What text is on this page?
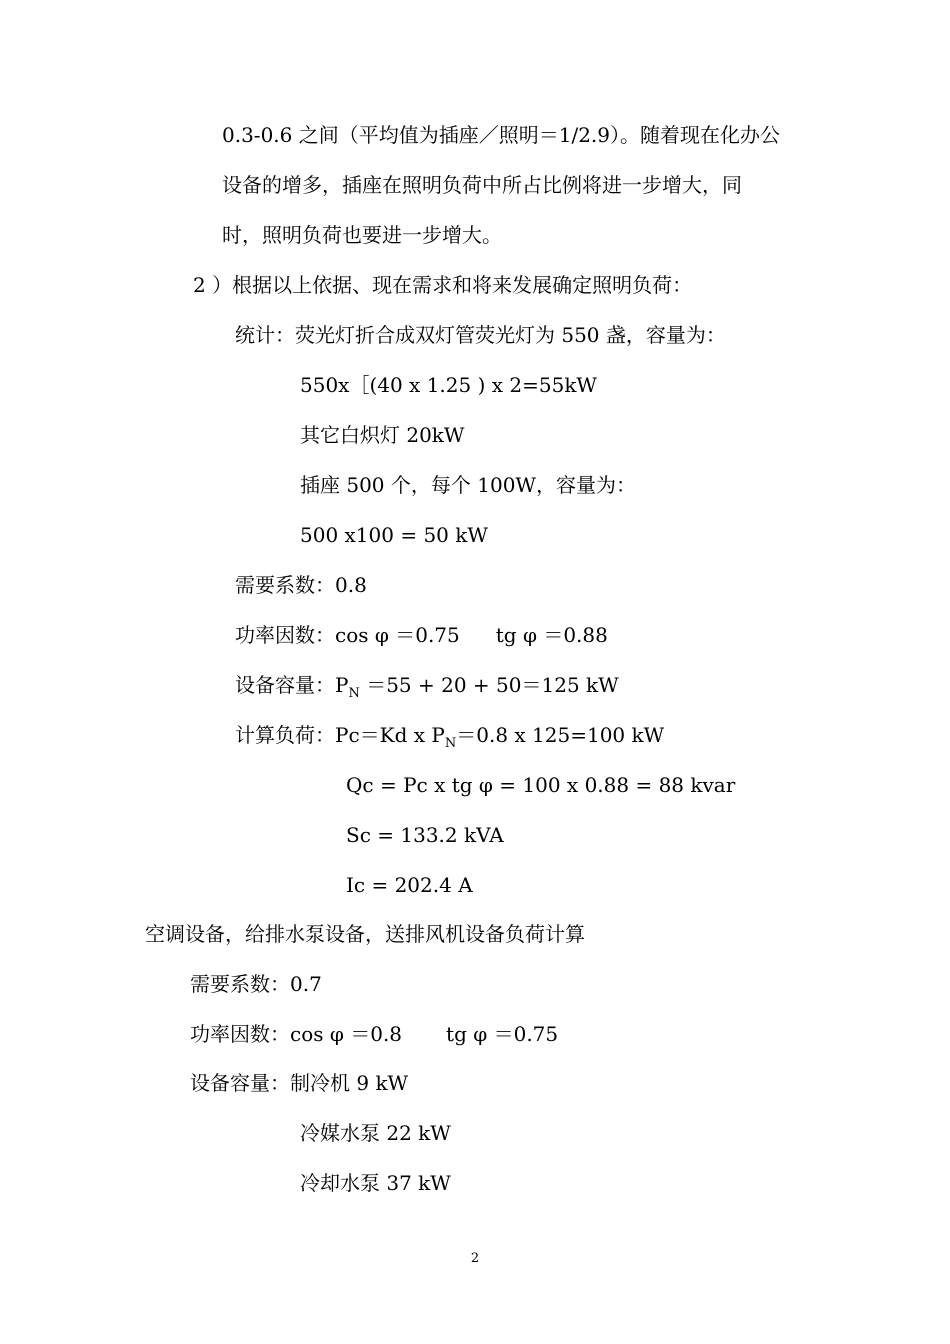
0.3-0.6 之间（平均值为插座／照明＝1/2.9）。随着现在化办公
设备的增多，插座在照明负荷中所占比例将进一步增大，同
时，照明负荷也要进一步增大。
2 ）根据以上依据、现在需求和将来发展确定照明负荷：
统计：荧光灯折合成双灯管荧光灯为 550 盏，容量为：
550x［(40 x 1.25 ) x 2=55kW
其它白炽灯 20kW
插座 500 个，每个 100W，容量为：
500 x100 = 50 kW
需要系数：0.8
功率因数：cos φ ＝0.75 tg φ ＝0.88
设备容量：$P_N =55 + 20 + 50=125$ kW
计算负荷：Pc＝Kd x $P_N=0.8$ x 125=100 kW
Qc = Pc x tg φ = 100 x 0.88 = 88 kvar
Sc = 133.2 kVA
Ic = 202.4 A
空调设备，给排水泵设备，送排风机设备负荷计算
需要系数：0.7
功率因数：cos φ ＝0.8 tg φ ＝0.75
设备容量：制冷机 9 kW
冷媒水泵 22 kW
冷却水泵 37 kW
2
